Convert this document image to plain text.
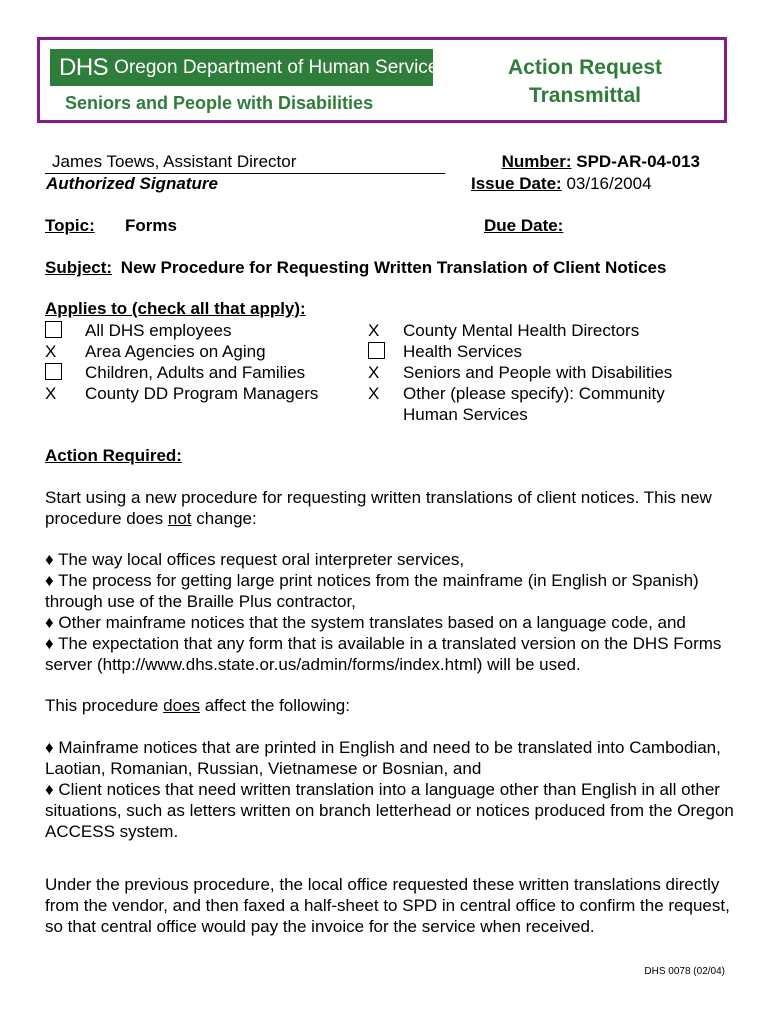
DHS Oregon Department of Human Services
Seniors and People with Disabilities
Action Request
Transmittal
James Toews, Assistant Director
Authorized Signature
Number: SPD-AR-04-013
Issue Date: 03/16/2004
Topic: Forms	Due Date:
Subject: New Procedure for Requesting Written Translation of Client Notices
Applies to (check all that apply):
All DHS employees
X Area Agencies on Aging
Children, Adults and Families
X County DD Program Managers
X County Mental Health Directors
Health Services
X Seniors and People with Disabilities
X Other (please specify): Community
Human Services
Action Required:
Start using a new procedure for requesting written translations of client notices. This new procedure does not change:

♦ The way local offices request oral interpreter services,

♦ The process for getting large print notices from the mainframe (in English or Spanish) through use of the Braille Plus contractor,

♦ Other mainframe notices that the system translates based on a language code, and

♦ The expectation that any form that is available in a translated version on the DHS Forms server (http://www.dhs.state.or.us/admin/forms/index.html) will be used.

This procedure does affect the following:

♦ Mainframe notices that are printed in English and need to be translated into Cambodian, Laotian, Romanian, Russian, Vietnamese or Bosnian, and

♦ Client notices that need written translation into a language other than English in all other situations, such as letters written on branch letterhead or notices produced from the Oregon ACCESS system.

Under the previous procedure, the local office requested these written translations directly from the vendor, and then faxed a half-sheet to SPD in central office to confirm the request, so that central office would pay the invoice for the service when received.
DHS 0078 (02/04)
